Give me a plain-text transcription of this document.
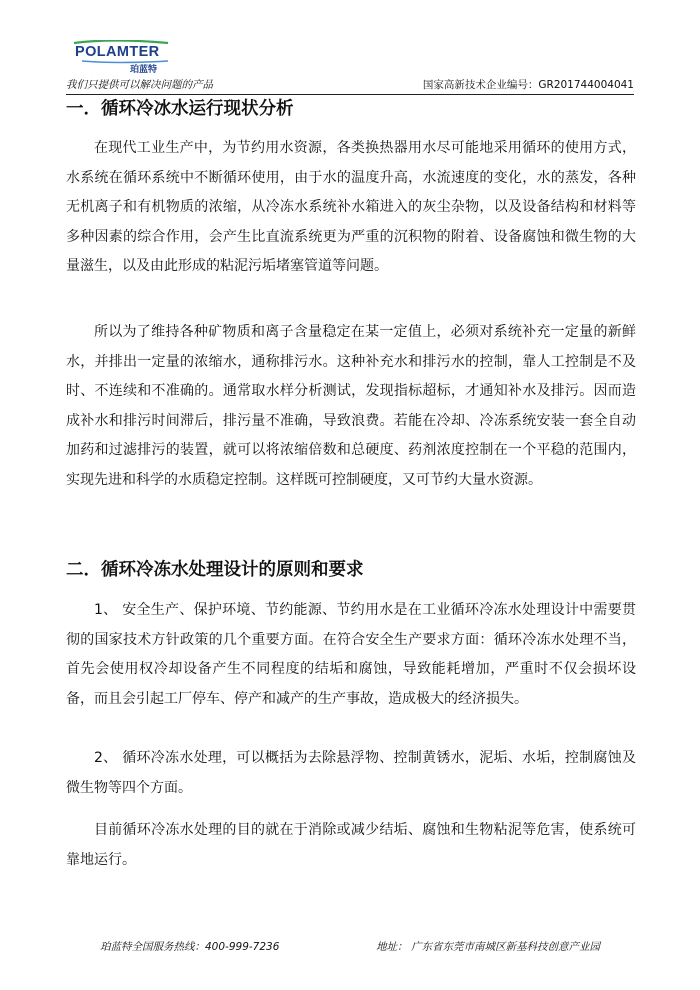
POLAMTER
珀蓝特
我们只提供可以解决问题的产品	国家高新技术企业编号：GR201744004041
一．循环冷冰水运行现状分析

在现代工业生产中，为节约用水资源，各类换热器用水尽可能地采用循环的使用方式，水系统在循环系统中不断循环使用，由于水的温度升高，水流速度的变化，水的蒸发，各种无机离子和有机物质的浓缩，从冷冻水系统补水箱进入的灰尘杂物，以及设备结构和材料等多种因素的综合作用，会产生比直流系统更为严重的沉积物的附着、设备腐蚀和微生物的大量滋生，以及由此形成的粘泥污垢堵塞管道等问题。

所以为了维持各种矿物质和离子含量稳定在某一定值上，必须对系统补充一定量的新鲜水，并排出一定量的浓缩水，通称排污水。这种补充水和排污水的控制，靠人工控制是不及时、不连续和不准确的。通常取水样分析测试，发现指标超标，才通知补水及排污。因而造成补水和排污时间滞后，排污量不准确，导致浪费。若能在冷却、冷冻系统安装一套全自动加药和过滤排污的装置，就可以将浓缩倍数和总硬度、药剂浓度控制在一个平稳的范围内，实现先进和科学的水质稳定控制。这样既可控制硬度，又可节约大量水资源。

二．循环冷冻水处理设计的原则和要求

1、 安全生产、保护环境、节约能源、节约用水是在工业循环冷冻水处理设计中需要贯彻的国家技术方针政策的几个重要方面。在符合安全生产要求方面：循环冷冻水处理不当，首先会使用权冷却设备产生不同程度的结垢和腐蚀，导致能耗增加，严重时不仅会损坏设备，而且会引起工厂停车、停产和减产的生产事故，造成极大的经济损失。

2、 循环冷冻水处理，可以概括为去除悬浮物、控制黄锈水，泥垢、水垢，控制腐蚀及微生物等四个方面。

目前循环冷冻水处理的目的就在于消除或减少结垢、腐蚀和生物粘泥等危害，使系统可靠地运行。

珀蓝特全国服务热线：400-999-7236	地址： 广东省东莞市南城区新基科技创意产业园
